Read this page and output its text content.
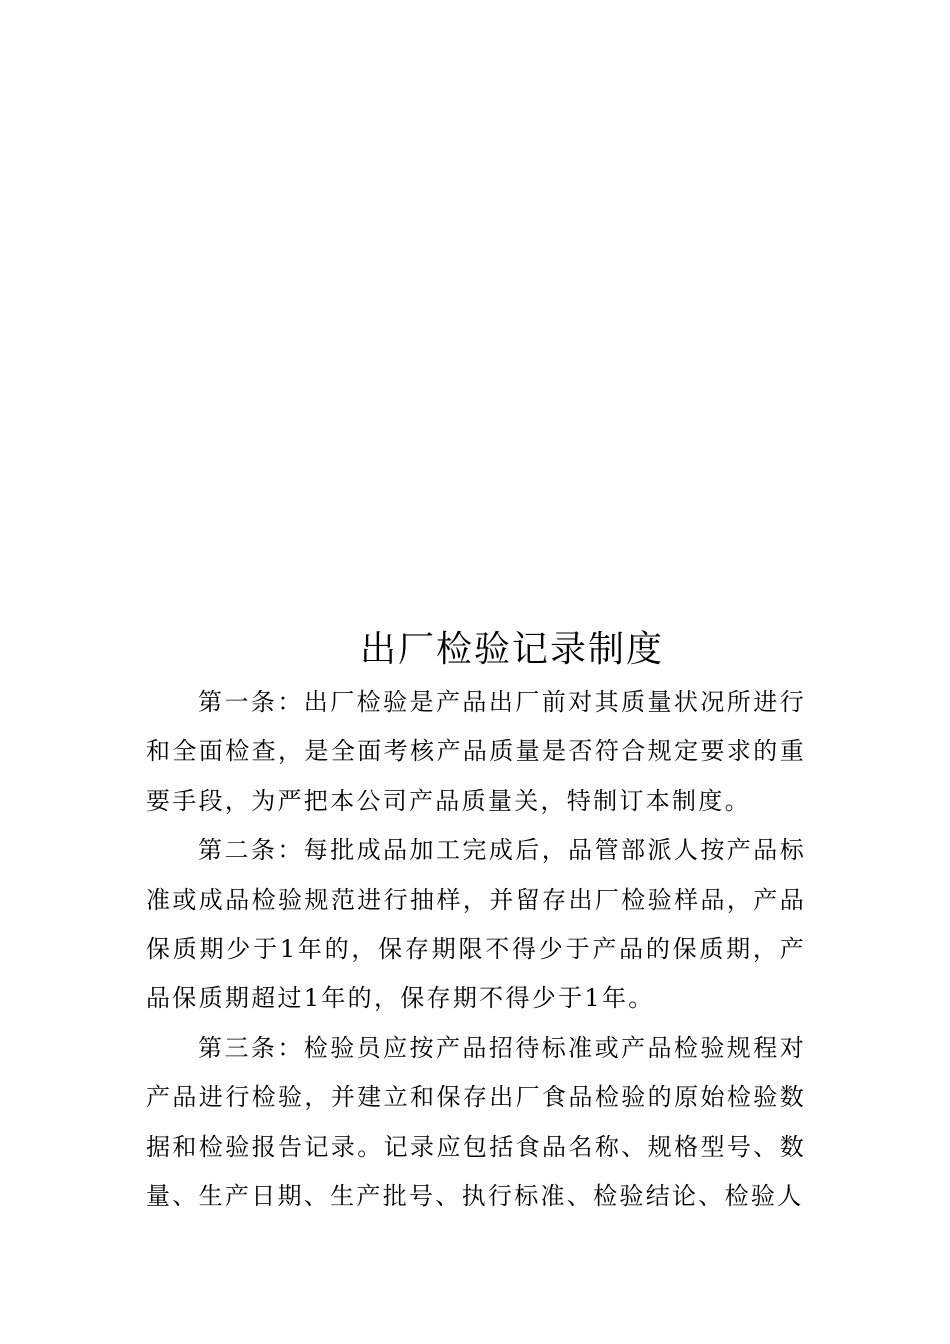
出厂检验记录制度

第一条：出厂检验是产品出厂前对其质量状况所进行和全面检查，是全面考核产品质量是否符合规定要求的重要手段，为严把本公司产品质量关，特制订本制度。

第二条：每批成品加工完成后，品管部派人按产品标准或成品检验规范进行抽样，并留存出厂检验样品，产品保质期少于1年的，保存期限不得少于产品的保质期，产品保质期超过1年的，保存期不得少于1年。

第三条：检验员应按产品招待标准或产品检验规程对产品进行检验，并建立和保存出厂食品检验的原始检验数据和检验报告记录。记录应包括食品名称、规格型号、数量、生产日期、生产批号、执行标准、检验结论、检验人
